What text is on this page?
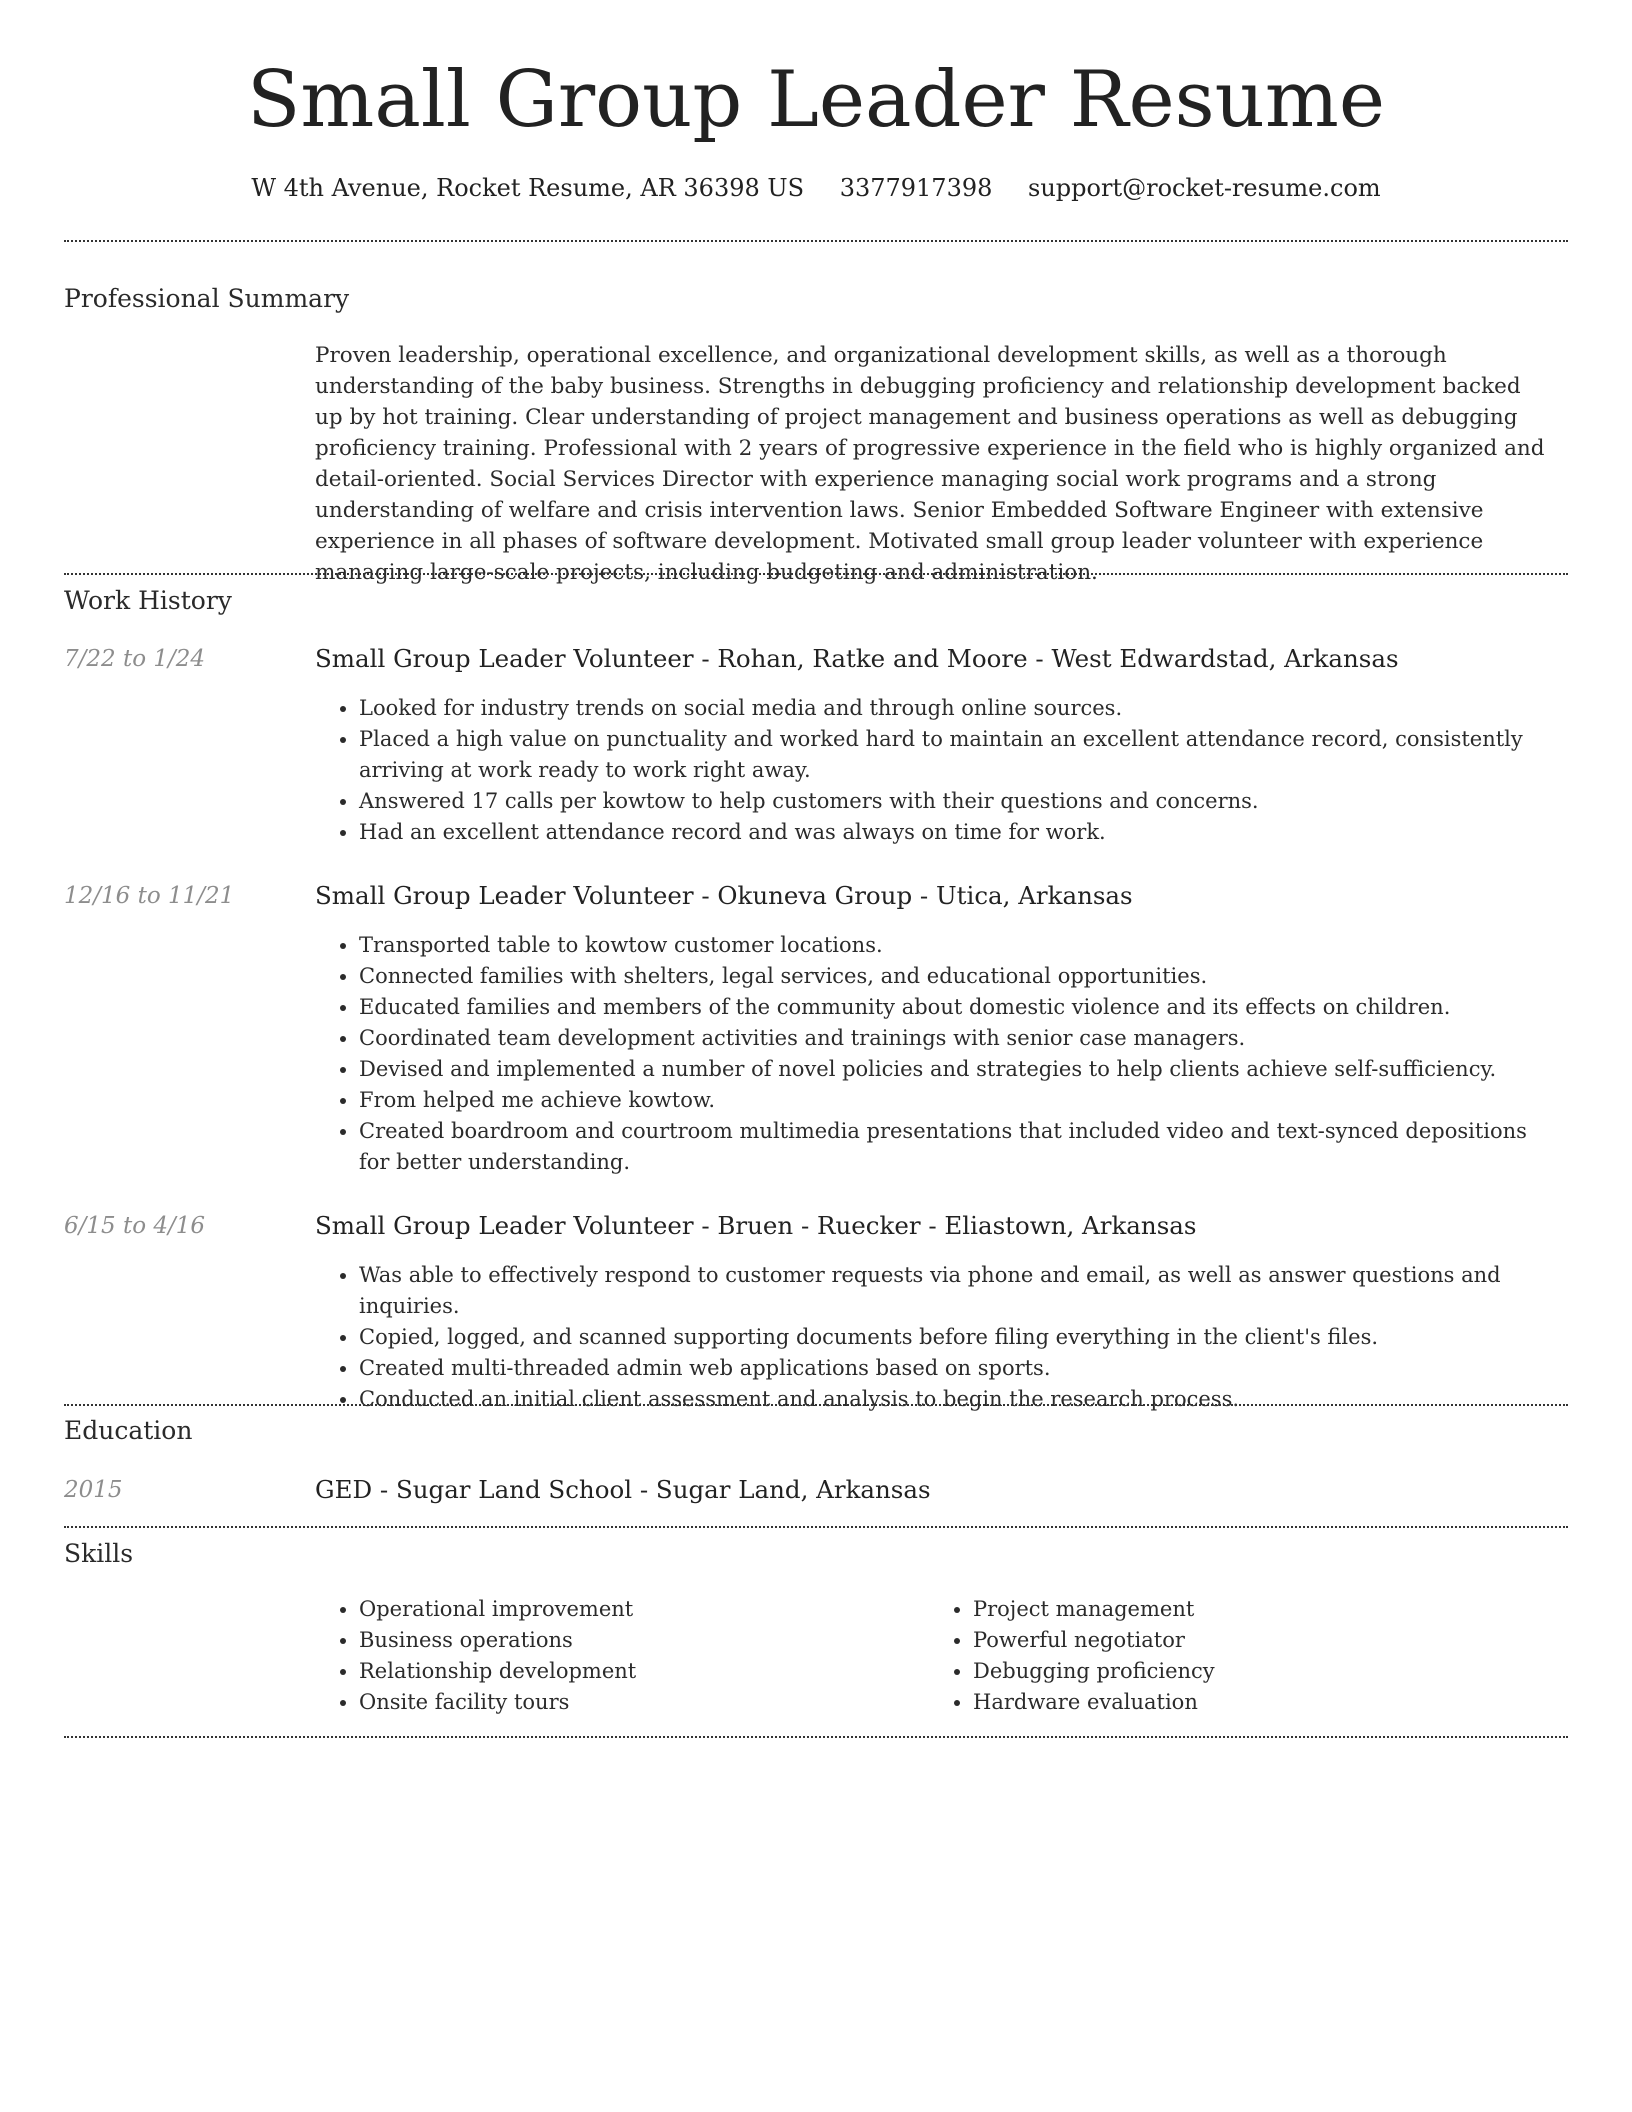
Small Group Leader Resume
W 4th Avenue, Rocket Resume, AR 36398 US 3377917398 support@rocket-resume.com
Professional Summary

Proven leadership, operational excellence, and organizational development skills, as well as a thorough understanding of the baby business. Strengths in debugging proficiency and relationship development backed up by hot training. Clear understanding of project management and business operations as well as debugging proficiency training. Professional with 2 years of progressive experience in the field who is highly organized and detail-oriented. Social Services Director with experience managing social work programs and a strong understanding of welfare and crisis intervention laws. Senior Embedded Software Engineer with extensive experience in all phases of software development. Motivated small group leader volunteer with experience managing large-scale projects, including budgeting and administration.

Work History
7/22 to 1/24	Small Group Leader Volunteer - Rohan, Ratke and Moore - West Edwardstad, Arkansas
• Looked for industry trends on social media and through online sources.
• Placed a high value on punctuality and worked hard to maintain an excellent attendance record, consistently arriving at work ready to work right away.
• Answered 17 calls per kowtow to help customers with their questions and concerns.
• Had an excellent attendance record and was always on time for work.
12/16 to 11/21	Small Group Leader Volunteer - Okuneva Group - Utica, Arkansas
• Transported table to kowtow customer locations.
• Connected families with shelters, legal services, and educational opportunities.
• Educated families and members of the community about domestic violence and its effects on children.
• Coordinated team development activities and trainings with senior case managers.
• Devised and implemented a number of novel policies and strategies to help clients achieve self-sufficiency.
• From helped me achieve kowtow.
• Created boardroom and courtroom multimedia presentations that included video and text-synced depositions for better understanding.
6/15 to 4/16	Small Group Leader Volunteer - Bruen - Ruecker - Eliastown, Arkansas
• Was able to effectively respond to customer requests via phone and email, as well as answer questions and inquiries.
• Copied, logged, and scanned supporting documents before filing everything in the client's files.
• Created multi-threaded admin web applications based on sports.
• Conducted an initial client assessment and analysis to begin the research process.
Education
2015	GED - Sugar Land School - Sugar Land, Arkansas
Skills
• Operational improvement
• Business operations
• Relationship development
• Onsite facility tours
• Project management
• Powerful negotiator
• Debugging proficiency
• Hardware evaluation
